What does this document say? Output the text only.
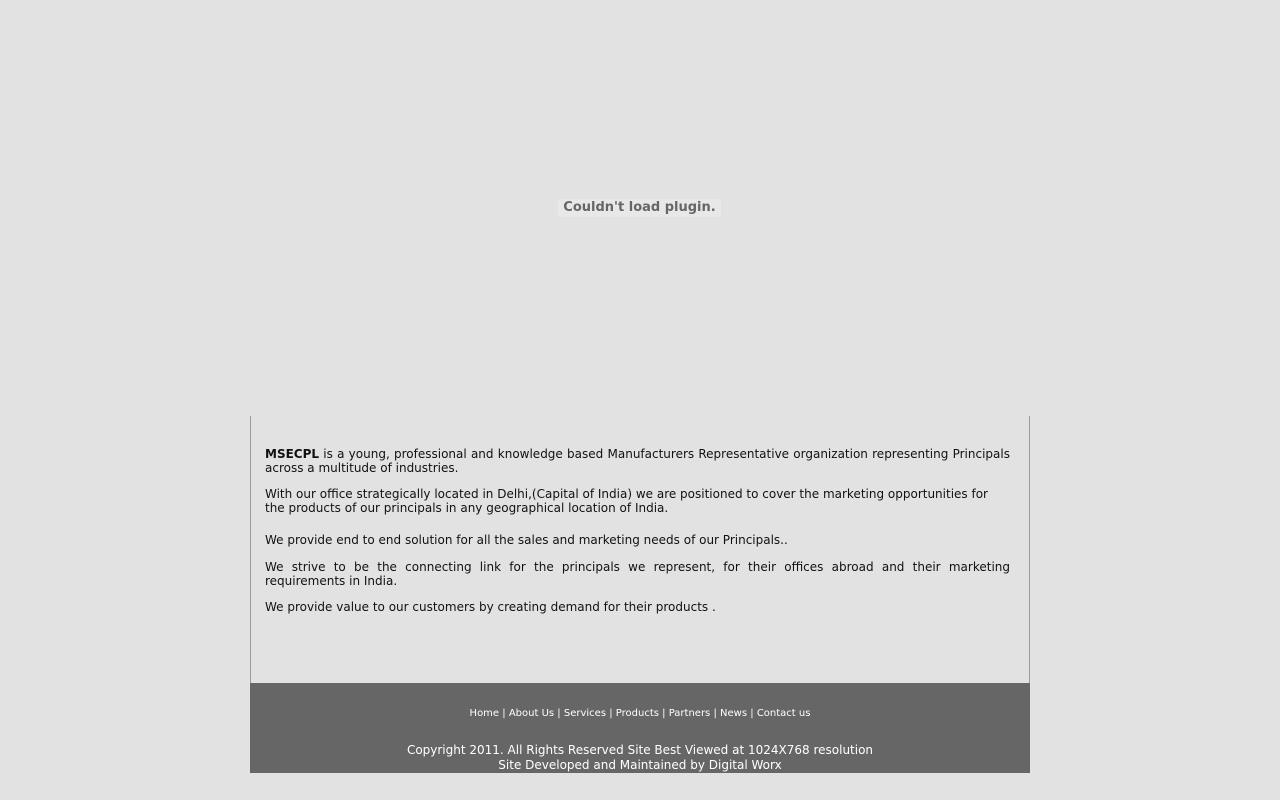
Couldn't load plugin.

MSECPL is a young, professional and knowledge based Manufacturers Representative organization representing Principals across a multitude of industries.

With our office strategically located in Delhi,(Capital of India) we are positioned to cover the marketing opportunities for the products of our principals in any geographical location of India.

We provide end to end solution for all the sales and marketing needs of our Principals..

We strive to be the connecting link for the principals we represent, for their offices abroad and their marketing requirements in India.

We provide value to our customers by creating demand for their products .

Home | About Us | Services | Products | Partners | News | Contact us
Copyright 2011. All Rights Reserved Site Best Viewed at 1024X768 resolution
Site Developed and Maintained by Digital Worx
